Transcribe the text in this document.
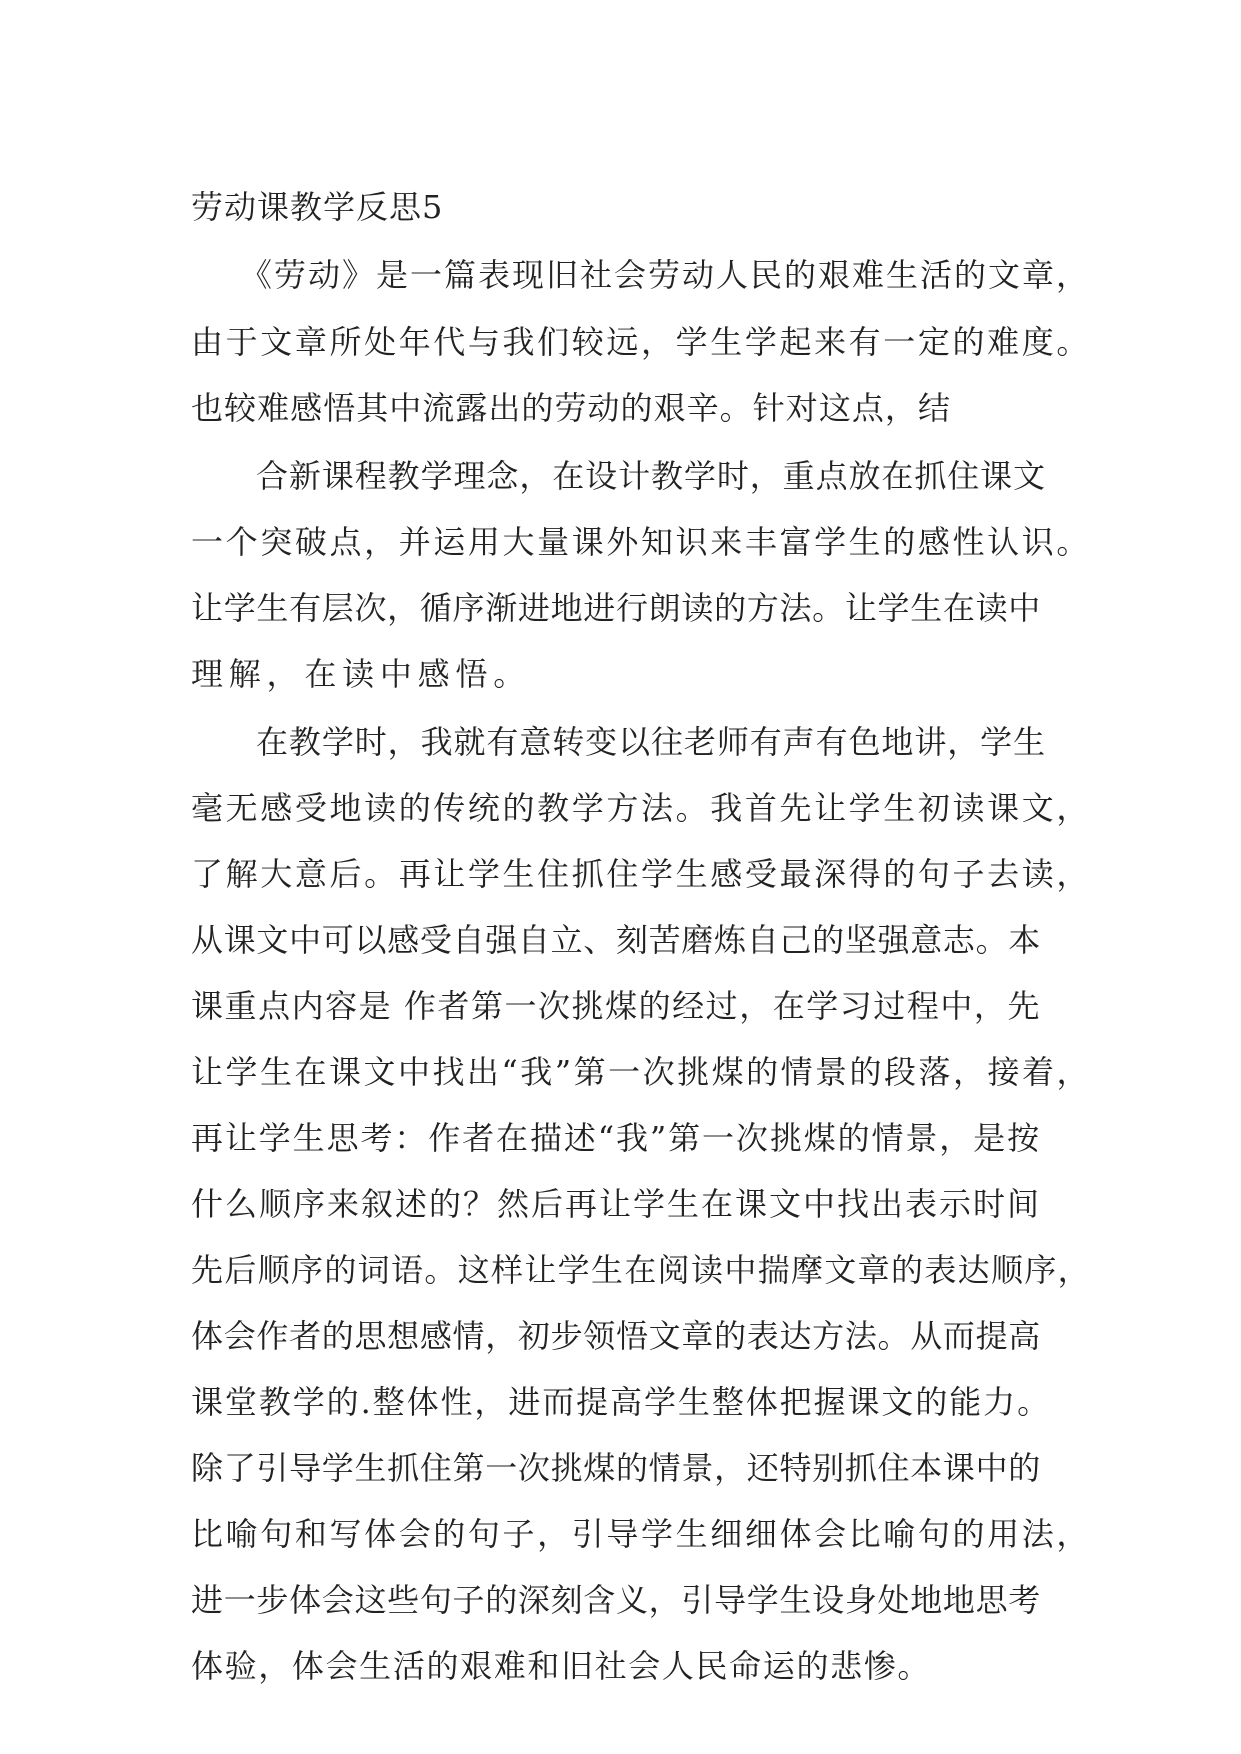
劳动课教学反思5
《劳动》是一篇表现旧社会劳动人民的艰难生活的文章，
由于文章所处年代与我们较远，学生学起来有一定的难度。
也较难感悟其中流露出的劳动的艰辛。针对这点，结
合新课程教学理念，在设计教学时，重点放在抓住课文
一个突破点，并运用大量课外知识来丰富学生的感性认识。
让学生有层次，循序渐进地进行朗读的方法。让学生在读中
理解，在读中感悟。
在教学时，我就有意转变以往老师有声有色地讲，学生
毫无感受地读的传统的教学方法。我首先让学生初读课文，
了解大意后。再让学生住抓住学生感受最深得的句子去读，
从课文中可以感受自强自立、刻苦磨炼自己的坚强意志。本
课重点内容是 作者第一次挑煤的经过，在学习过程中，先
让学生在课文中找出“我”第一次挑煤的情景的段落，接着，
再让学生思考：作者在描述“我”第一次挑煤的情景，是按
什么顺序来叙述的？然后再让学生在课文中找出表示时间
先后顺序的词语。这样让学生在阅读中揣摩文章的表达顺序，
体会作者的思想感情，初步领悟文章的表达方法。从而提高
课堂教学的.整体性，进而提高学生整体把握课文的能力。
除了引导学生抓住第一次挑煤的情景，还特别抓住本课中的
比喻句和写体会的句子，引导学生细细体会比喻句的用法，
进一步体会这些句子的深刻含义，引导学生设身处地地思考
体验，体会生活的艰难和旧社会人民命运的悲惨。
